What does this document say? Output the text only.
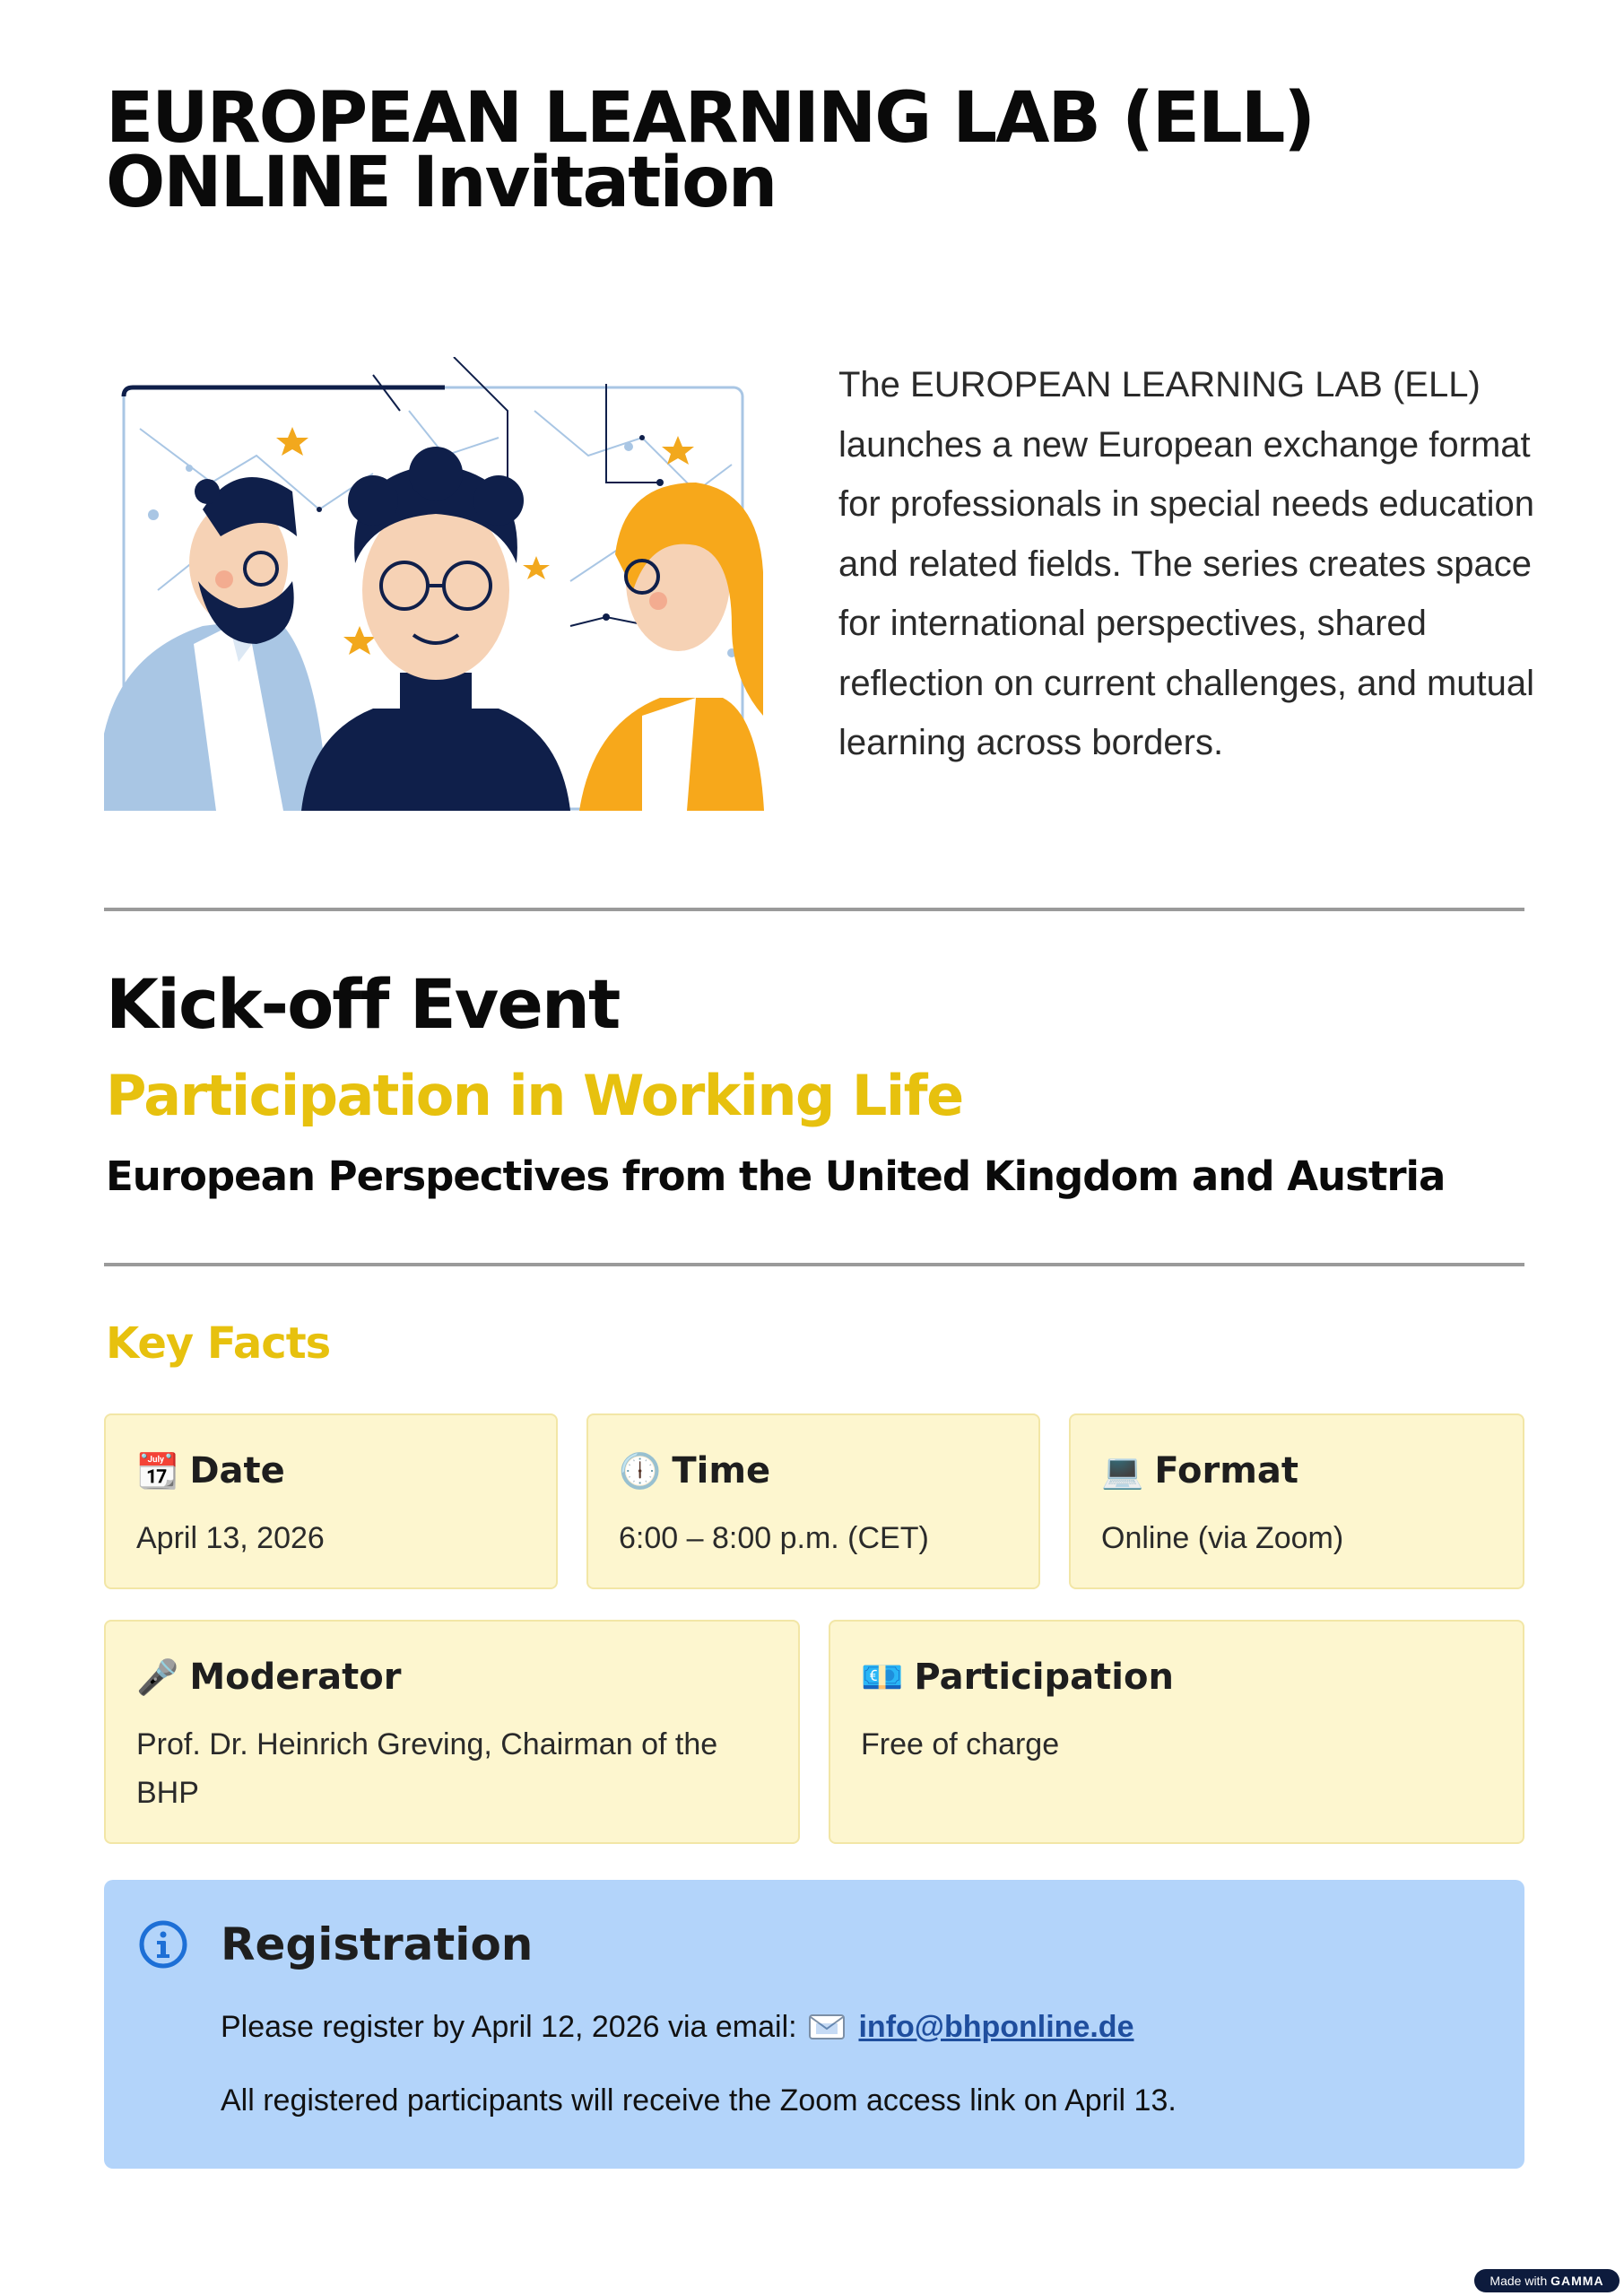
EUROPEAN LEARNING LAB (ELL)
ONLINE Invitation
The EUROPEAN LEARNING LAB (ELL) launches a new European exchange format for professionals in special needs education and related fields. The series creates space for international perspectives, shared reflection on current challenges, and mutual learning across borders.
Kick-off Event
Participation in Working Life
European Perspectives from the United Kingdom and Austria
Key Facts
📆 Date
April 13, 2026
🕕 Time
6:00 – 8:00 p.m. (CET)
💻 Format
Online (via Zoom)
🎤 Moderator
Prof. Dr. Heinrich Greving, Chairman of the BHP
💶 Participation
Free of charge
Registration
Please register by April 12, 2026 via email: info@bhponline.de
All registered participants will receive the Zoom access link on April 13.
Made with GAMMA
